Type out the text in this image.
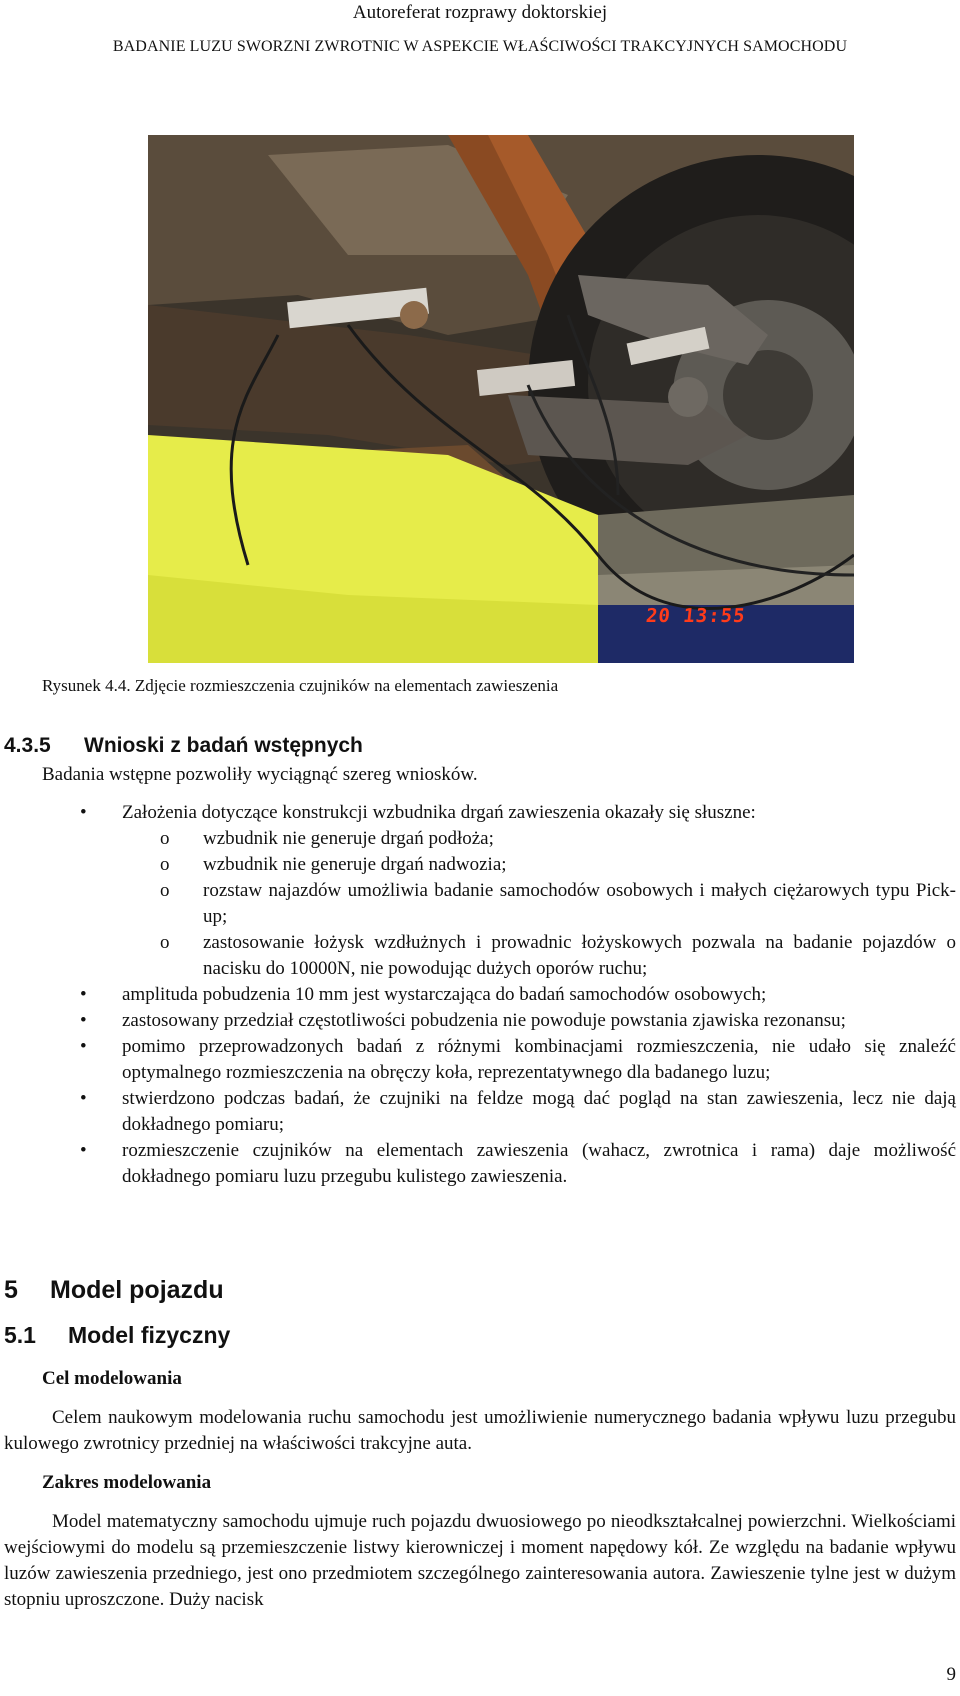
Autoreferat rozprawy doktorskiej
BADANIE LUZU SWORZNI ZWROTNIC W ASPEKCIE WŁAŚCIWOŚCI TRAKCYJNYCH SAMOCHODU
20 13:55
Rysunek 4.4. Zdjęcie rozmieszczenia czujników na elementach zawieszenia
4.3.5 Wnioski z badań wstępnych
Badania wstępne pozwoliły wyciągnąć szereg wniosków.
• Założenia dotyczące konstrukcji wzbudnika drgań zawieszenia okazały się słuszne:
o wzbudnik nie generuje drgań podłoża;
o wzbudnik nie generuje drgań nadwozia;
o rozstaw najazdów umożliwia badanie samochodów osobowych i małych ciężarowych typu Pick-up;
o zastosowanie łożysk wzdłużnych i prowadnic łożyskowych pozwala na badanie pojazdów o nacisku do 10000N, nie powodując dużych oporów ruchu;
• amplituda pobudzenia 10 mm jest wystarczająca do badań samochodów osobowych;
• zastosowany przedział częstotliwości pobudzenia nie powoduje powstania zjawiska rezonansu;
• pomimo przeprowadzonych badań z różnymi kombinacjami rozmieszczenia, nie udało się znaleźć optymalnego rozmieszczenia na obręczy koła, reprezentatywnego dla badanego luzu;
• stwierdzono podczas badań, że czujniki na feldze mogą dać pogląd na stan zawieszenia, lecz nie dają dokładnego pomiaru;
• rozmieszczenie czujników na elementach zawieszenia (wahacz, zwrotnica i rama) daje możliwość dokładnego pomiaru luzu przegubu kulistego zawieszenia.
5 Model pojazdu
5.1 Model fizyczny
Cel modelowania
Celem naukowym modelowania ruchu samochodu jest umożliwienie numerycznego badania wpływu luzu przegubu kulowego zwrotnicy przedniej na właściwości trakcyjne auta.
Zakres modelowania
Model matematyczny samochodu ujmuje ruch pojazdu dwuosiowego po nieodkształcalnej powierzchni. Wielkościami wejściowymi do modelu są przemieszczenie listwy kierowniczej i moment napędowy kół. Ze względu na badanie wpływu luzów zawieszenia przedniego, jest ono przedmiotem szczególnego zainteresowania autora. Zawieszenie tylne jest w dużym stopniu uproszczone. Duży nacisk
9
